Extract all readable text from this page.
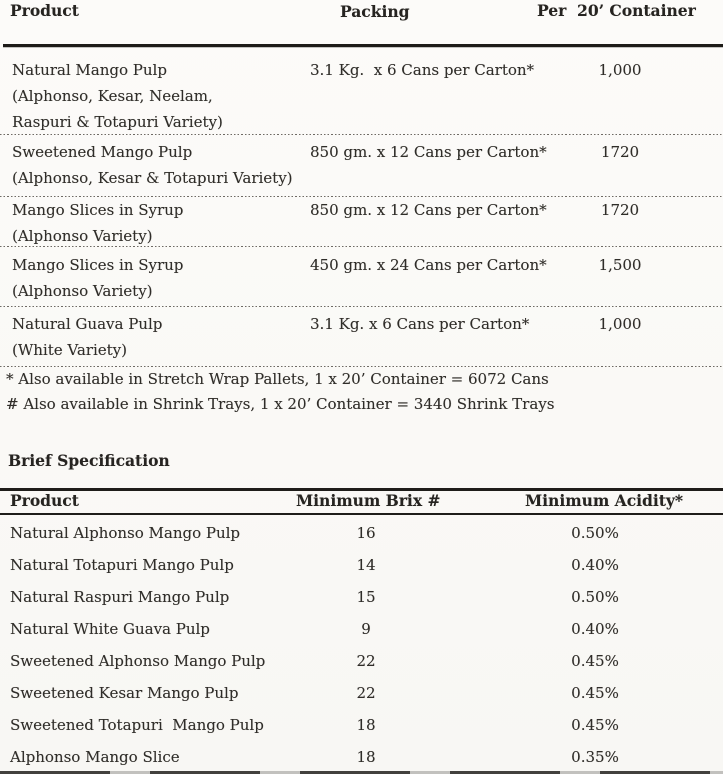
Product	Packing	Per  20’ Container
Natural Mango Pulp
(Alphonso, Kesar, Neelam,
Raspuri & Totapuri Variety)
3.1 Kg.  x 6 Cans per Carton*	1,000
Sweetened Mango Pulp
(Alphonso, Kesar & Totapuri Variety)
850 gm. x 12 Cans per Carton*	1720
Mango Slices in Syrup
(Alphonso Variety)
850 gm. x 12 Cans per Carton*	1720
Mango Slices in Syrup
(Alphonso Variety)
450 gm. x 24 Cans per Carton*	1,500
Natural Guava Pulp
(White Variety)
3.1 Kg. x 6 Cans per Carton*	1,000
* Also available in Stretch Wrap Pallets, 1 x 20’ Container = 6072 Cans
# Also available in Shrink Trays, 1 x 20’ Container = 3440 Shrink Trays
Brief Specification
Product	Minimum Brix #	Minimum Acidity*
Natural Alphonso Mango Pulp	16	0.50%
Natural Totapuri Mango Pulp	14	0.40%
Natural Raspuri Mango Pulp	15	0.50%
Natural White Guava Pulp	9	0.40%
Sweetened Alphonso Mango Pulp	22	0.45%
Sweetened Kesar Mango Pulp	22	0.45%
Sweetened Totapuri  Mango Pulp	18	0.45%
Alphonso Mango Slice	18	0.35%
